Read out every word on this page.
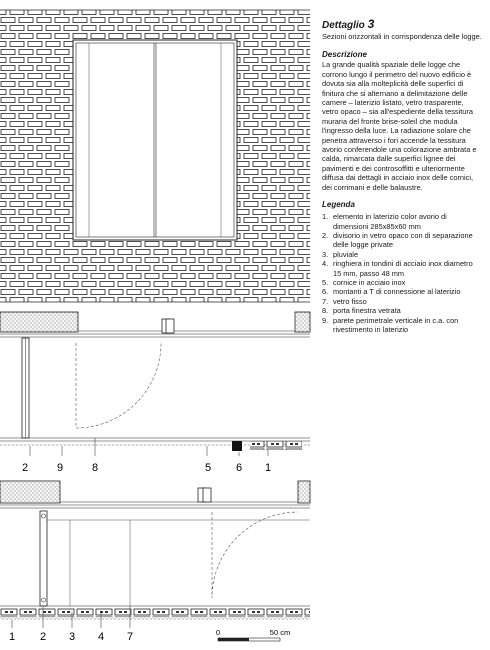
2	9	8	5 6 1
1 2 3 4 7	0	50 cm

Dettaglio 3

Sezioni orizzontali in corrispondenza delle logge.

Descrizione

La grande qualità spaziale delle logge che corrono lungo il perimetro del nuovo edificio è dovuta sia alla molteplicità delle superfici di finitura che si alternano a delimitazione delle camere – laterizio listato, vetro trasparente, vetro opaco – sia all'espediente della tessitura muraria del fronte brise-soleil che modula l'ingresso della luce. La radiazione solare che penetra attraverso i fori accende la tessitura avorio conferendole una colorazione ambrata e calda, rimarcata dalle superfici lignee dei pavimenti e dei controsoffitti e ulteriormente diffusa dai dettagli in acciaio inox delle cornici, dei corrimani e delle balaustre.

Legenda

1. elemento in laterizio color avorio di dimensioni 285x85x60 mm
2. divisorio in vetro opaco con di separazione delle logge private
3. pluviale
4. ringhiera in tondini di acciaio inox diametro 15 mm, passo 48 mm
5. cornice in acciaio inox
6. montanti a T di connessione al laterizio
7. vetro fisso
8. porta finestra vetrata
9. parete perimetrale verticale in c.a. con rivestimento in laterizio
